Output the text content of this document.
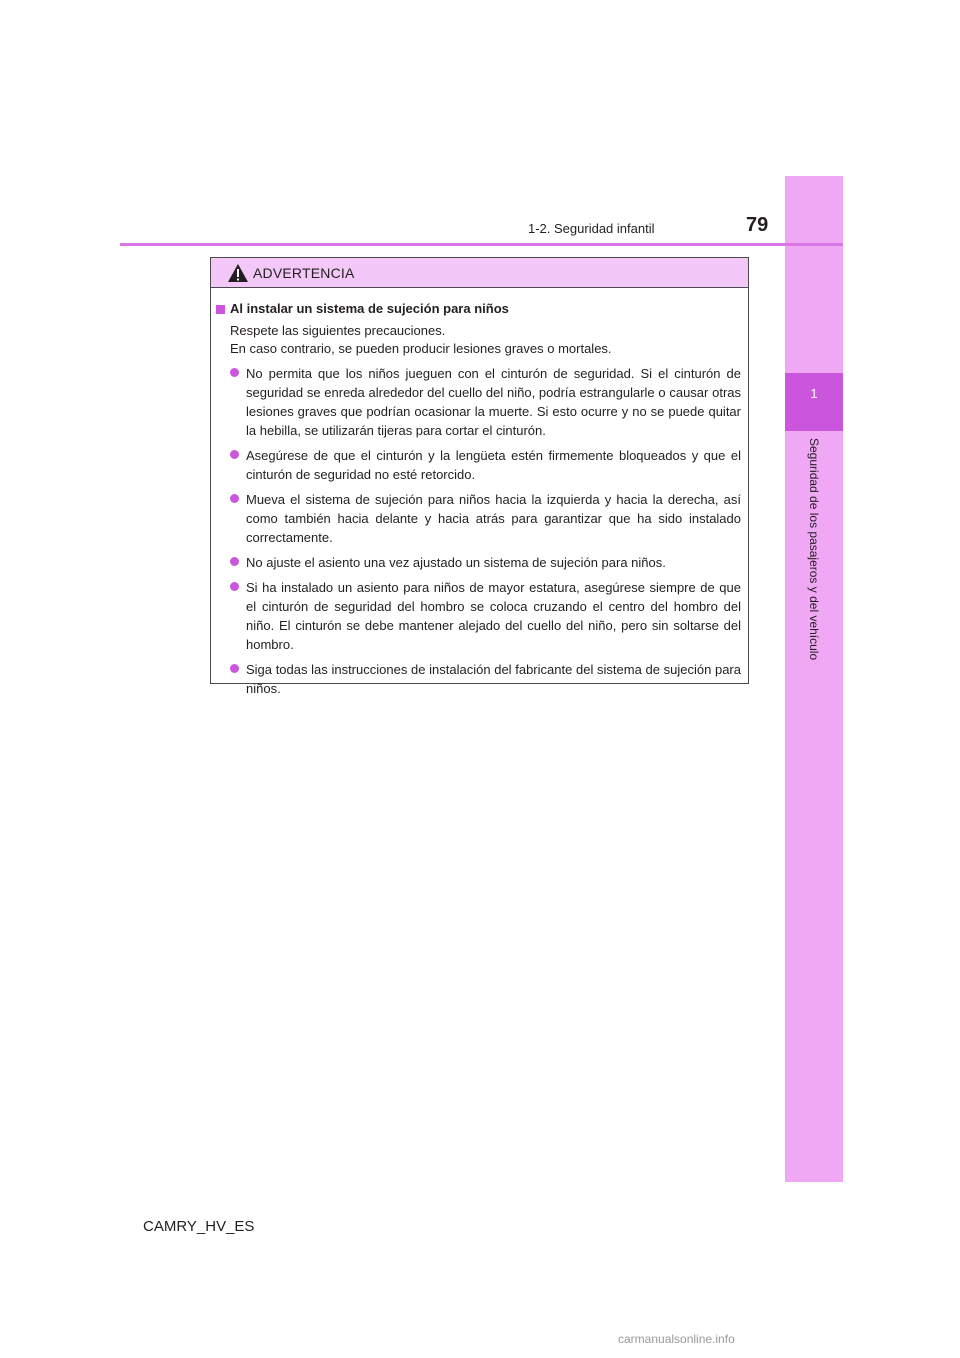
1
Seguridad de los pasajeros y del vehículo
1-2. Seguridad infantil	79
ADVERTENCIA
Al instalar un sistema de sujeción para niños
Respete las siguientes precauciones.
En caso contrario, se pueden producir lesiones graves o mortales.
No permita que los niños jueguen con el cinturón de seguridad. Si el cinturón de seguridad se enreda alrededor del cuello del niño, podría estrangularle o causar otras lesiones graves que podrían ocasionar la muerte. Si esto ocurre y no se puede quitar la hebilla, se utilizarán tijeras para cortar el cinturón.
Asegúrese de que el cinturón y la lengüeta estén firmemente bloqueados y que el cinturón de seguridad no esté retorcido.
Mueva el sistema de sujeción para niños hacia la izquierda y hacia la derecha, así como también hacia delante y hacia atrás para garantizar que ha sido instalado correctamente.
No ajuste el asiento una vez ajustado un sistema de sujeción para niños.
Si ha instalado un asiento para niños de mayor estatura, asegúrese siempre de que el cinturón de seguridad del hombro se coloca cruzando el centro del hombro del niño. El cinturón se debe mantener alejado del cuello del niño, pero sin soltarse del hombro.
Siga todas las instrucciones de instalación del fabricante del sistema de sujeción para niños.
CAMRY_HV_ES
carmanualsonline.info
